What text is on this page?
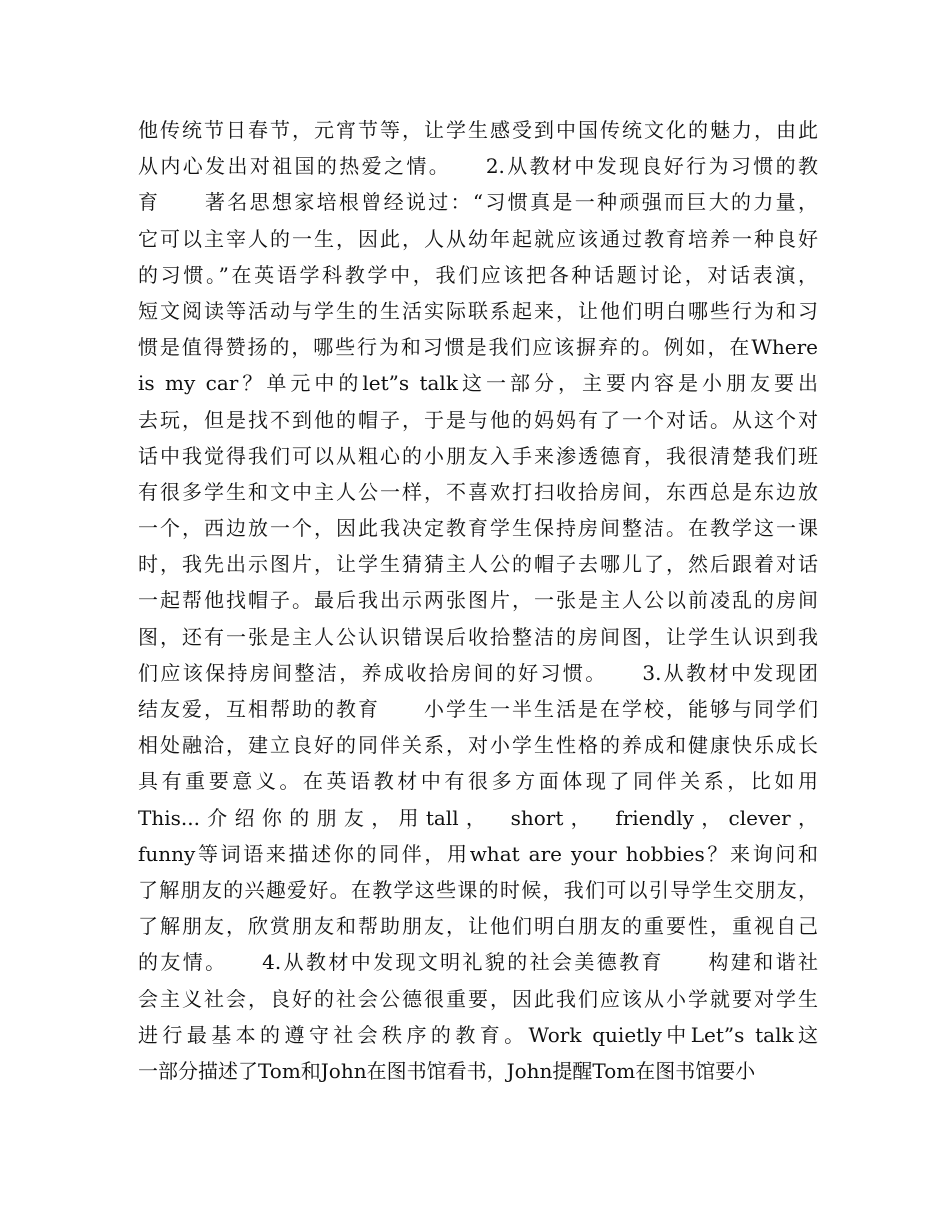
他传统节日春节，元宵节等，让学生感受到中国传统文化的魅力，由此
从内心发出对祖国的热爱之情。　　2.从教材中发现良好行为习惯的教
育　　著名思想家培根曾经说过：“习惯真是一种顽强而巨大的力量，
它可以主宰人的一生，因此，人从幼年起就应该通过教育培养一种良好
的习惯。”在英语学科教学中，我们应该把各种话题讨论，对话表演，
短文阅读等活动与学生的生活实际联系起来，让他们明白哪些行为和习
惯是值得赞扬的，哪些行为和习惯是我们应该摒弃的。例如，在Where
is my car？单元中的let”s talk这一部分，主要内容是小朋友要出
去玩，但是找不到他的帽子，于是与他的妈妈有了一个对话。从这个对
话中我觉得我们可以从粗心的小朋友入手来渗透德育，我很清楚我们班
有很多学生和文中主人公一样，不喜欢打扫收拾房间，东西总是东边放
一个，西边放一个，因此我决定教育学生保持房间整洁。在教学这一课
时，我先出示图片，让学生猜猜主人公的帽子去哪儿了，然后跟着对话
一起帮他找帽子。最后我出示两张图片，一张是主人公以前凌乱的房间
图，还有一张是主人公认识错误后收拾整洁的房间图，让学生认识到我
们应该保持房间整洁，养成收拾房间的好习惯。　　3.从教材中发现团
结友爱，互相帮助的教育　　小学生一半生活是在学校，能够与同学们
相处融洽，建立良好的同伴关系，对小学生性格的养成和健康快乐成长
具有重要意义。在英语教材中有很多方面体现了同伴关系，比如用
This...介绍你的朋友，用tall，　short，　friendly，clever，
funny等词语来描述你的同伴，用what are your hobbies？来询问和
了解朋友的兴趣爱好。在教学这些课的时候，我们可以引导学生交朋友，
了解朋友，欣赏朋友和帮助朋友，让他们明白朋友的重要性，重视自己
的友情。　　4.从教材中发现文明礼貌的社会美德教育　　构建和谐社
会主义社会，良好的社会公德很重要，因此我们应该从小学就要对学生
进行最基本的遵守社会秩序的教育。Work quietly中Let”s talk这
一部分描述了Tom和John在图书馆看书，John提醒Tom在图书馆要小
